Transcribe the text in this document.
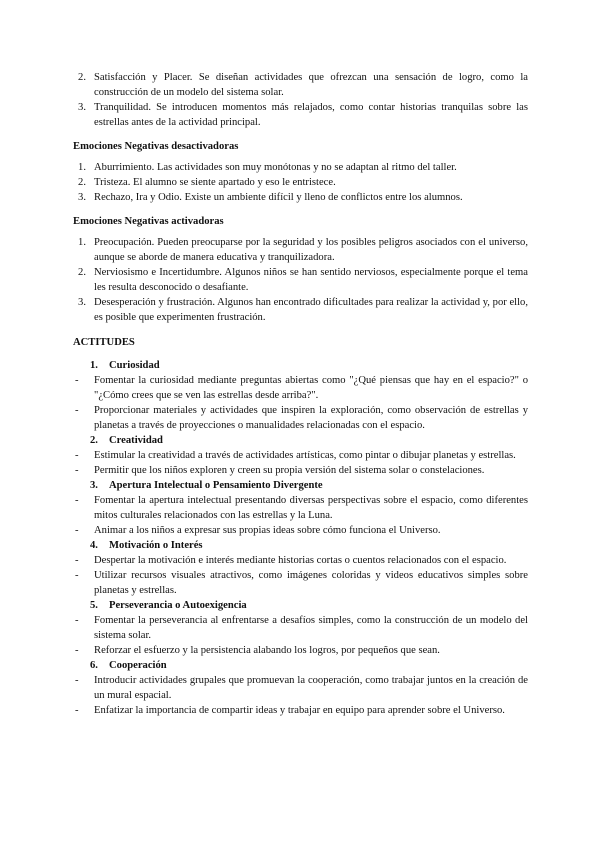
2. Satisfacción y Placer. Se diseñan actividades que ofrezcan una sensación de logro, como la construcción de un modelo del sistema solar.
3. Tranquilidad. Se introducen momentos más relajados, como contar historias tranquilas sobre las estrellas antes de la actividad principal.
Emociones Negativas desactivadoras
1. Aburrimiento. Las actividades son muy monótonas y no se adaptan al ritmo del taller.
2. Tristeza. El alumno se siente apartado y eso le entristece.
3. Rechazo, Ira y Odio. Existe un ambiente difícil y lleno de conflictos entre los alumnos.
Emociones Negativas activadoras
1. Preocupación. Pueden preocuparse por la seguridad y los posibles peligros asociados con el universo, aunque se aborde de manera educativa y tranquilizadora.
2. Nerviosismo e Incertidumbre. Algunos niños se han sentido nerviosos, especialmente porque el tema les resulta desconocido o desafiante.
3. Desesperación y frustración. Algunos han encontrado dificultades para realizar la actividad y, por ello, es posible que experimenten frustración.
ACTITUDES
1. Curiosidad
- Fomentar la curiosidad mediante preguntas abiertas como "¿Qué piensas que hay en el espacio?" o "¿Cómo crees que se ven las estrellas desde arriba?".
- Proporcionar materiales y actividades que inspiren la exploración, como observación de estrellas y planetas a través de proyecciones o manualidades relacionadas con el espacio.
2. Creatividad
- Estimular la creatividad a través de actividades artísticas, como pintar o dibujar planetas y estrellas.
- Permitir que los niños exploren y creen su propia versión del sistema solar o constelaciones.
3. Apertura Intelectual o Pensamiento Divergente
- Fomentar la apertura intelectual presentando diversas perspectivas sobre el espacio, como diferentes mitos culturales relacionados con las estrellas y la Luna.
- Animar a los niños a expresar sus propias ideas sobre cómo funciona el Universo.
4. Motivación o Interés
- Despertar la motivación e interés mediante historias cortas o cuentos relacionados con el espacio.
- Utilizar recursos visuales atractivos, como imágenes coloridas y videos educativos simples sobre planetas y estrellas.
5. Perseverancia o Autoexigencia
- Fomentar la perseverancia al enfrentarse a desafíos simples, como la construcción de un modelo del sistema solar.
- Reforzar el esfuerzo y la persistencia alabando los logros, por pequeños que sean.
6. Cooperación
- Introducir actividades grupales que promuevan la cooperación, como trabajar juntos en la creación de un mural espacial.
- Enfatizar la importancia de compartir ideas y trabajar en equipo para aprender sobre el Universo.
